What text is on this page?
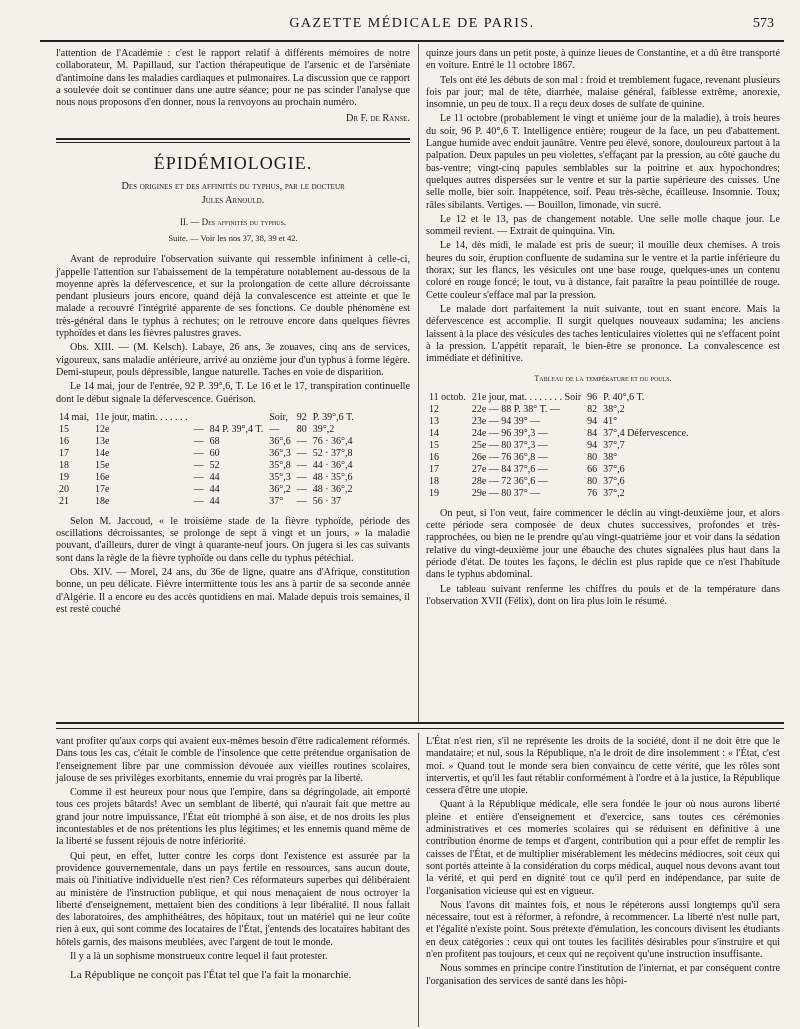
GAZETTE MÉDICALE DE PARIS.	573

l'attention de l'Académie : c'est le rapport relatif à différents mémoires de notre collaborateur, M. Papillaud, sur l'action thérapeutique de l'arsenic et de l'arséniate d'antimoine dans les maladies cardiaques et pulmonaires. La discussion que ce rapport a soulevée doit se continuer dans une autre séance; pour ne pas scinder l'analyse que nous nous proposons d'en donner, nous la renvoyons au prochain numéro.

Dr F. de Ranse.
ÉPIDÉMIOLOGIE.
Des origines et des affinités du typhus, par le docteur
Jules Arnould.
II. — Des affinités du typhus.
Suite. — Voir les nos 37, 38, 39 et 42.

Avant de reproduire l'observation suivante qui ressemble infiniment à celle-ci, j'appelle l'attention sur l'abaissement de la température notablement au-dessous de la moyenne après la défervescence, et sur la prolongation de cette allure décroissante pendant plusieurs jours encore, quand déjà la convalescence est atteinte et que le malade a recouvré l'intégrité apparente de ses fonctions. Ce double phénomène est très-général dans le typhus à rechutes; on le retrouve encore dans quelques fièvres typhoïdes et dans les fièvres palustres graves.

Obs. XIII. — (M. Kelsch). Labaye, 26 ans, 3e zouaves, cinq ans de services, vigoureux, sans maladie antérieure, arrivé au onzième jour d'un typhus à forme légère. Demi-stupeur, pouls dépressible, langue naturelle. Taches en voie de disparition.

Le 14 mai, jour de l'entrée, 92 P. 39°,6, T. Le 16 et le 17, transpiration continuelle dont le début signale la défervescence. Guérison.

14 mai,	11e jour, matin. . . . . . .			Soir,	92	P. 39°,6 T.
15	12e	—	84 P. 39°,4 T.	—	80	39°,2
16	13e	—	68	36°,6	—	76 · 36°,4
17	14e	—	60	36°,3	—	52 · 37°,8
18	15e	—	52	35°,8	—	44 · 36°,4
19	16e	—	44	35°,3	—	48 · 35°,6
20	17e	—	44	36°,2	—	48 · 36°,2
21	18e	—	44	37°	—	56 · 37

Selon M. Jaccoud, « le troisième stade de la fièvre typhoïde, période des oscillations décroissantes, se prolonge de sept à vingt et un jours, » la maladie pouvant, d'ailleurs, durer de vingt à quarante-neuf jours. On jugera si les cas suivants sont dans la règle de la fièvre typhoïde ou dans celle du typhus pétéchial.

Obs. XIV. — Morel, 24 ans, du 36e de ligne, quatre ans d'Afrique, constitution bonne, un peu délicate. Fièvre intermittente tous les ans à partir de sa seconde année d'Algérie. Il a encore eu des accès quotidiens en mai. Malade depuis trois semaines, il est resté couché

quinze jours dans un petit poste, à quinze lieues de Constantine, et a dû être transporté en voiture. Entré le 11 octobre 1867.

Tels ont été les débuts de son mal : froid et tremblement fugace, revenant plusieurs fois par jour; mal de tête, diarrhée, malaise général, faiblesse extrême, anorexie, insomnie, un peu de toux. Il a reçu deux doses de sulfate de quinine.

Le 11 octobre (probablement le vingt et unième jour de la maladie), à trois heures du soir, 96 P. 40°,6 T. Intelligence entière; rougeur de la face, un peu d'abattement. Langue humide avec enduit jaunâtre. Ventre peu élevé, sonore, douloureux partout à la palpation. Deux papules un peu violettes, s'effaçant par la pression, au côté gauche du bas-ventre; vingt-cinq papules semblables sur la poitrine et aux hypochondres; quelques autres dispersées sur le ventre et sur la partie supérieure des cuisses. Une selle molle, bier soir. Inappétence, soif. Peau très-sèche, écailleuse. Insomnie. Toux; râles sibilants. Vertiges. — Bouillon, limonade, vin sucré.

Le 12 et le 13, pas de changement notable. Une selle molle chaque jour. Le sommeil revient. — Extrait de quinquina. Vin.

Le 14, dès midi, le malade est pris de sueur; il mouille deux chemises. A trois heures du soir, éruption confluente de sudamina sur le ventre et la partie inférieure du thorax; sur les flancs, les vésicules ont une base rouge, quelques-unes un contenu coloré en rouge foncé; le tout, vu à distance, fait paraître la peau pointillée de rouge. Cette couleur s'efface mal par la pression.

Le malade dort parfaitement la nuit suivante, tout en suant encore. Mais la défervescence est accomplie. Il surgit quelques nouveaux sudamina; les anciens laissent à la place des vésicules des taches lenticulaires violettes qui ne s'effacent point à la pression. L'appétit reparaît, le bien-être se prononce. La convalescence est immédiate et définitive.

Tableau de la température et du pouls.
11 octob.	21e jour, mat. . . . . . . . Soir	96	P. 40°,6 T.
12	22e — 88 P. 38° T. —	82	38°,2
13	23e — 94 39° —	94	41°
14	24e — 96 39°,3 —	84	37°,4 Défervescence.
15	25e — 80 37°,3 —	94	37°,7
16	26e — 76 36°,8 —	80	38°
17	27e — 84 37°,6 —	66	37°,6
18	28e — 72 36°,6 —	80	37°,6
19	29e — 80 37° —	76	37°,2

On peut, si l'on veut, faire commencer le déclin au vingt-deuxième jour, et alors cette période sera composée de deux chutes successives, profondes et très-rapprochées, ou bien ne le prendre qu'au vingt-quatrième jour et voir dans la sédation relative du vingt-deuxième jour une ébauche des chutes signalées plus haut dans la période d'état. De toutes les façons, le déclin est plus rapide que ce n'est l'habitude dans le typhus abdominal.

Le tableau suivant renferme les chiffres du pouls et de la température dans l'observation XVII (Félix), dont on lira plus loin le résumé.

vant profiter qu'aux corps qui avaient eux-mêmes besoin d'être radicalement réformés. Dans tous les cas, c'était le comble de l'insolence que cette prétendue organisation de l'enseignement libre par une commission dévouée aux vieilles routines scolaires, jalouse de ses privilèges exorbitants, ennemie du vrai progrès par la liberté.

Comme il est heureux pour nous que l'empire, dans sa dégringolade, ait emporté tous ces projets bâtards! Avec un semblant de liberté, qui n'aurait fait que mettre au grand jour notre impuissance, l'État eût triomphé à son aise, et de nos droits les plus incontestables et de nos prétentions les plus légitimes; et les ennemis quand même de la liberté se fussent réjouis de notre infériorité.

Qui peut, en effet, lutter contre les corps dont l'existence est assurée par la providence gouvernementale, dans un pays fertile en ressources, sans aucun doute, mais où l'initiative individuelle n'est rien? Ces réformateurs superbes qui délibéraient au ministère de l'instruction publique, et qui nous menaçaient de nous octroyer la liberté d'enseignement, mettaient bien des conditions à leur libéralité. Il nous fallait des laboratoires, des amphithéâtres, des hôpitaux, tout un matériel qui ne leur coûte rien à eux, qui sont comme des locataires de l'État, j'entends des locataires habitant des hôtels garnis, des maisons meublées, avec l'argent de tout le monde.

Il y a là un sophisme monstrueux contre lequel il faut protester.

La République ne conçoit pas l'État tel que l'a fait la monarchie.

L'État n'est rien, s'il ne représente les droits de la société, dont il ne doit être que le mandataire; et nul, sous la République, n'a le droit de dire insolemment : « l'État, c'est moi. » Quand tout le monde sera bien convaincu de cette vérité, que les rôles sont intervertis, et qu'il les faut rétablir conformément à l'ordre et à la justice, la République cessera d'être une utopie.

Quant à la République médicale, elle sera fondée le jour où nous aurons liberté pleine et entière d'enseignement et d'exercice, sans toutes ces cérémonies administratives et ces momeries scolaires qui se réduisent en définitive à une contribution énorme de temps et d'argent, contribution qui a pour effet de remplir les caisses de l'État, et de multiplier misérablement les médecins médiocres, soit ceux qui sont portés atteinte à la considération du corps médical, auquel nous devons avant tout la vérité, et qui perd en dignité tout ce qu'il perd en indépendance, par suite de l'organisation vicieuse qui est en vigueur.

Nous l'avons dit maintes fois, et nous le répéterons aussi longtemps qu'il sera nécessaire, tout est à réformer, à refondre, à recommencer. La liberté n'est nulle part, et l'égalité n'existe point. Sous prétexte d'émulation, les concours divisent les étudiants en deux catégories : ceux qui ont toutes les facilités désirables pour s'instruire et qui n'en profitent pas toujours, et ceux qui ne reçoivent qu'une instruction insuffisante.

Nous sommes en principe contre l'institution de l'internat, et par conséquent contre l'organisation des services de santé dans les hôpi-
